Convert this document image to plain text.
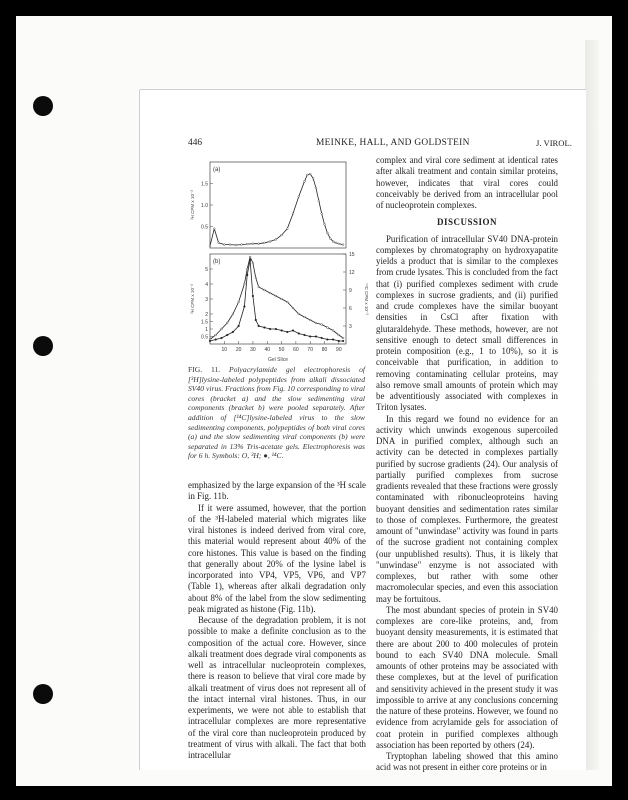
446	MEINKE, HALL, AND GOLDSTEIN	J. VIROL.
(a)
³H CPM x 10⁻³
0.5
1.0
1.5
(b)
³H CPM x 10⁻³	¹⁴C CPM x 10⁻³
10 20 30 40 50 60 70 80 90
0.5
1
1.5
2
3
4
5
3
6
9
12
15
Gel Slice
FIG. 11. Polyacrylamide gel electrophoresis of [³H]lysine-labeled polypeptides from alkali dissociated SV40 virus. Fractions from Fig. 10 corresponding to viral cores (bracket a) and the slow sedimenting viral components (bracket b) were pooled separately. After addition of [¹⁴C]lysine-labeled virus to the slow sedimenting components, polypeptides of both viral cores (a) and the slow sedimenting viral components (b) were separated in 13% Tris-acetate gels. Electrophoresis was for 6 h. Symbols: O, ³H; ●, ¹⁴C.

emphasized by the large expansion of the ³H scale in Fig. 11b.

If it were assumed, however, that the portion of the ³H-labeled material which migrates like viral histones is indeed derived from viral core, this material would represent about 40% of the core histones. This value is based on the finding that generally about 20% of the lysine label is incorporated into VP4, VP5, VP6, and VP7 (Table 1), whereas after alkali degradation only about 8% of the label from the slow sedimenting peak migrated as histone (Fig. 11b).

Because of the degradation problem, it is not possible to make a definite conclusion as to the composition of the actual core. However, since alkali treatment does degrade viral components as well as intracellular nucleoprotein complexes, there is reason to believe that viral core made by alkali treatment of virus does not represent all of the intact internal viral histones. Thus, in our experiments, we were not able to establish that intracellular complexes are more representative of the viral core than nucleoprotein produced by treatment of virus with alkali. The fact that both intracellular

complex and viral core sediment at identical rates after alkali treatment and contain similar proteins, however, indicates that viral cores could conceivably be derived from an intracellular pool of nucleoprotein complexes.

DISCUSSION

Purification of intracellular SV40 DNA-protein complexes by chromatography on hydroxyapatite yields a product that is similar to the complexes from crude lysates. This is concluded from the fact that (i) purified complexes sediment with crude complexes in sucrose gradients, and (ii) purified and crude complexes have the similar buoyant densities in CsCl after fixation with glutaraldehyde. These methods, however, are not sensitive enough to detect small differences in protein composition (e.g., 1 to 10%), so it is conceivable that purification, in addition to removing contaminating cellular proteins, may also remove small amounts of protein which may be adventitiously associated with complexes in Triton lysates.

In this regard we found no evidence for an activity which unwinds exogenous supercoiled DNA in purified complex, although such an activity can be detected in complexes partially purified by sucrose gradients (24). Our analysis of partially purified complexes from sucrose gradients revealed that these fractions were grossly contaminated with ribonucleoproteins having buoyant densities and sedimentation rates similar to those of complexes. Furthermore, the greatest amount of "unwindase" activity was found in parts of the sucrose gradient not containing complex (our unpublished results). Thus, it is likely that "unwindase" enzyme is not associated with complexes, but rather with some other macromolecular species, and even this association may be fortuitous.

The most abundant species of protein in SV40 complexes are core-like proteins, and, from buoyant density measurements, it is estimated that there are about 200 to 400 molecules of protein bound to each SV40 DNA molecule. Small amounts of other proteins may be associated with these complexes, but at the level of purification and sensitivity achieved in the present study it was impossible to arrive at any conclusions concerning the nature of these proteins. However, we found no evidence from acrylamide gels for association of coat protein in purified complexes although association has been reported by others (24).

Tryptophan labeling showed that this amino acid was not present in either core proteins or in
